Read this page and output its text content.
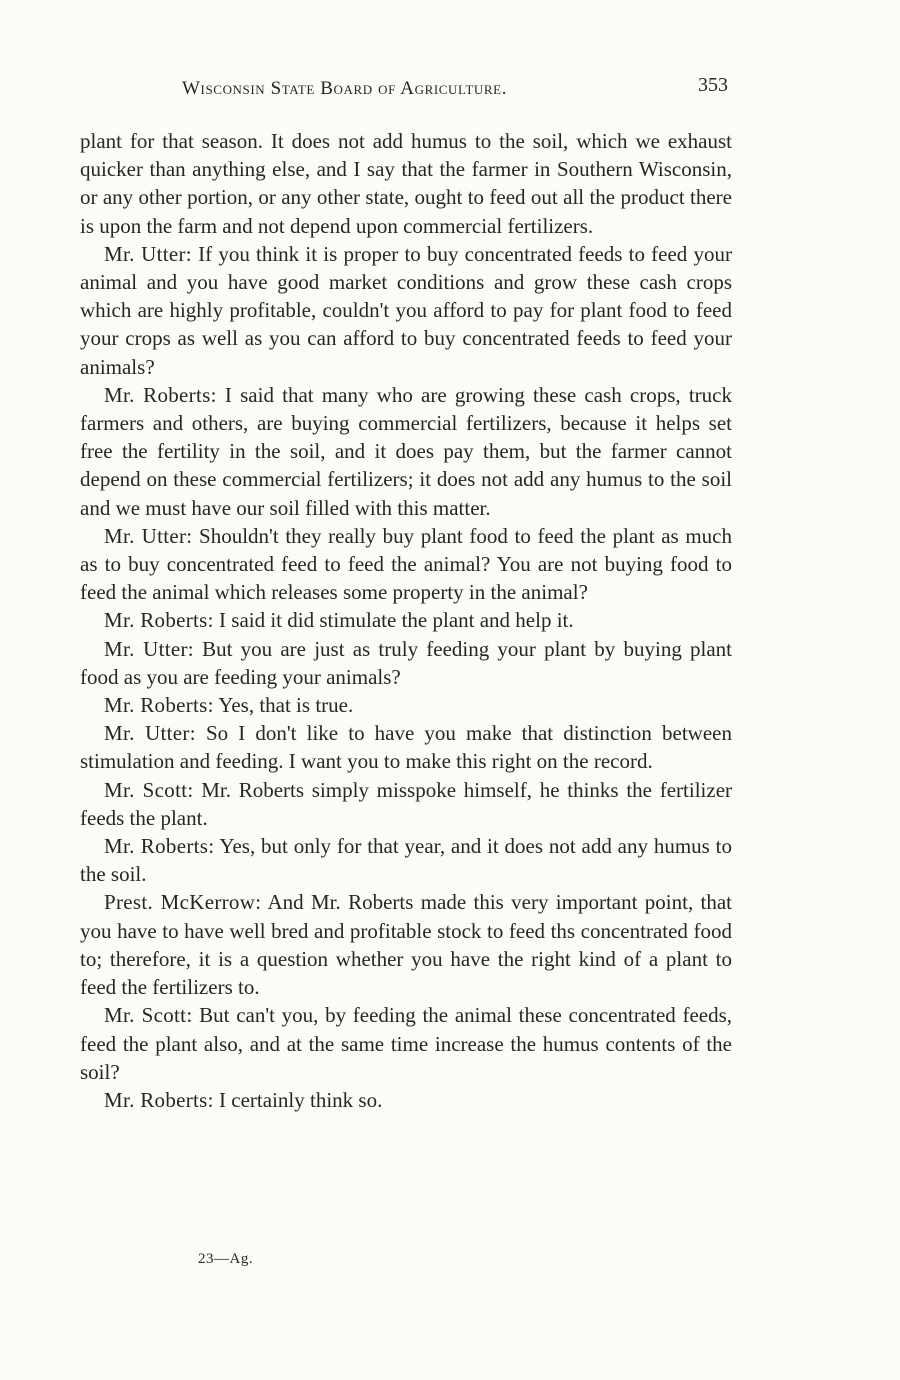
Wisconsin State Board of Agriculture.	353

plant for that season. It does not add humus to the soil, which we exhaust quicker than anything else, and I say that the farmer in Southern Wisconsin, or any other portion, or any other state, ought to feed out all the product there is upon the farm and not depend upon commercial fertilizers.

Mr. Utter: If you think it is proper to buy concentrated feeds to feed your animal and you have good market conditions and grow these cash crops which are highly profitable, couldn't you afford to pay for plant food to feed your crops as well as you can afford to buy concentrated feeds to feed your animals?

Mr. Roberts: I said that many who are growing these cash crops, truck farmers and others, are buying commercial fertilizers, because it helps set free the fertility in the soil, and it does pay them, but the farmer cannot depend on these commercial fertilizers; it does not add any humus to the soil and we must have our soil filled with this matter.

Mr. Utter: Shouldn't they really buy plant food to feed the plant as much as to buy concentrated feed to feed the animal? You are not buying food to feed the animal which releases some property in the animal?

Mr. Roberts: I said it did stimulate the plant and help it.

Mr. Utter: But you are just as truly feeding your plant by buying plant food as you are feeding your animals?

Mr. Roberts: Yes, that is true.

Mr. Utter: So I don't like to have you make that distinction between stimulation and feeding. I want you to make this right on the record.

Mr. Scott: Mr. Roberts simply misspoke himself, he thinks the fertilizer feeds the plant.

Mr. Roberts: Yes, but only for that year, and it does not add any humus to the soil.

Prest. McKerrow: And Mr. Roberts made this very important point, that you have to have well bred and profitable stock to feed ths concentrated food to; therefore, it is a question whether you have the right kind of a plant to feed the fertilizers to.

Mr. Scott: But can't you, by feeding the animal these concentrated feeds, feed the plant also, and at the same time increase the humus contents of the soil?

Mr. Roberts: I certainly think so.

23—Ag.
